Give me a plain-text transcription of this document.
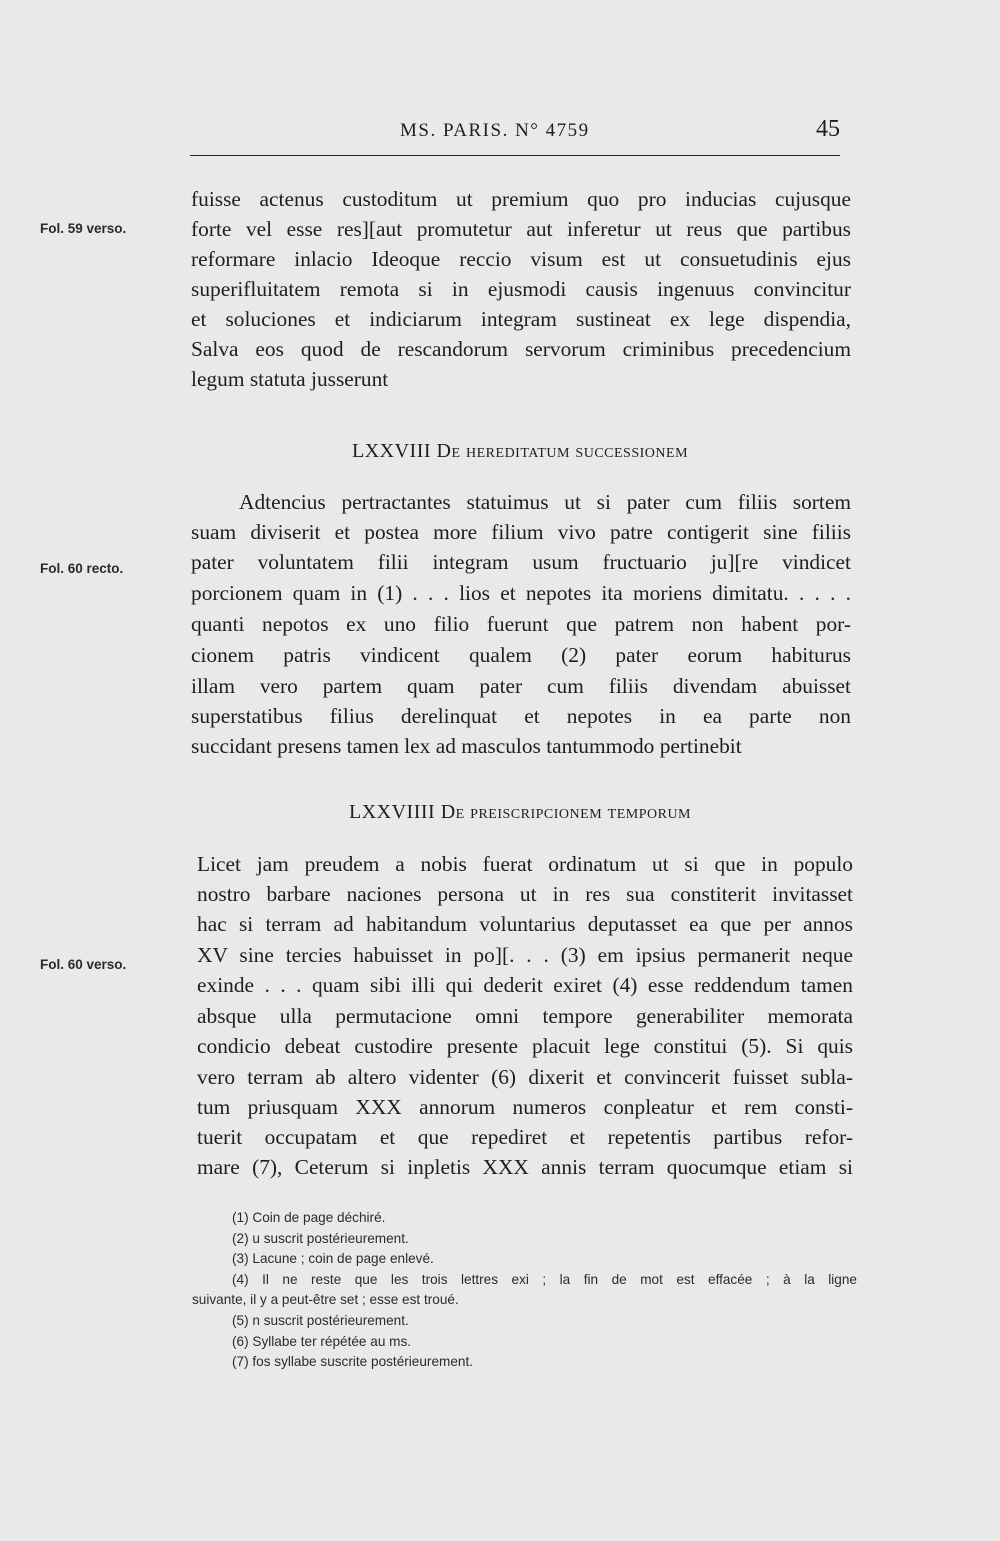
MS. PARIS. N° 4759	45
Fol. 59 verso.
Fol. 60 recto.
Fol. 60 verso.
fuisse actenus custoditum ut premium quo pro inducias cujusque
forte vel esse res][aut promutetur aut inferetur ut reus que partibus
reformare inlacio Ideoque reccio visum est ut consuetudinis ejus
superifluitatem remota si in ejusmodi causis ingenuus convincitur
et soluciones et indiciarum integram sustineat ex lege dispendia,
Salva eos quod de rescandorum servorum criminibus precedencium
legum statuta jusserunt
LXXVIII De hereditatum successionem
Adtencius pertractantes statuimus ut si pater cum filiis sortem
suam diviserit et postea more filium vivo patre contigerit sine filiis
pater voluntatem filii integram usum fructuario ju][re vindicet
porcionem quam in (1) . . . lios et nepotes ita moriens dimitatu. . . . .
quanti nepotos ex uno filio fuerunt que patrem non habent por-
cionem patris vindicent qualem (2) pater eorum habiturus
illam vero partem quam pater cum filiis divendam abuisset
superstatibus filius derelinquat et nepotes in ea parte non
succidant presens tamen lex ad masculos tantummodo pertinebit
LXXVIIII De preiscripcionem temporum
Licet jam preudem a nobis fuerat ordinatum ut si que in populo
nostro barbare naciones persona ut in res sua constiterit invitasset
hac si terram ad habitandum voluntarius deputasset ea que per annos
XV sine tercies habuisset in po][. . . (3) em ipsius permanerit neque
exinde . . . quam sibi illi qui dederit exiret (4) esse reddendum tamen
absque ulla permutacione omni tempore generabiliter memorata
condicio debeat custodire presente placuit lege constitui (5). Si quis
vero terram ab altero videnter (6) dixerit et convincerit fuisset subla-
tum priusquam XXX annorum numeros conpleatur et rem consti-
tuerit occupatam et que repediret et repetentis partibus refor-
mare (7), Ceterum si inpletis XXX annis terram quocumque etiam si
(1) Coin de page déchiré.
(2) u suscrit postérieurement.
(3) Lacune ; coin de page enlevé.
(4) Il ne reste que les trois lettres exi ; la fin de mot est effacée ; à la ligne
suivante, il y a peut-être set ; esse est troué.
(5) n suscrit postérieurement.
(6) Syllabe ter répétée au ms.
(7) fos syllabe suscrite postérieurement.
